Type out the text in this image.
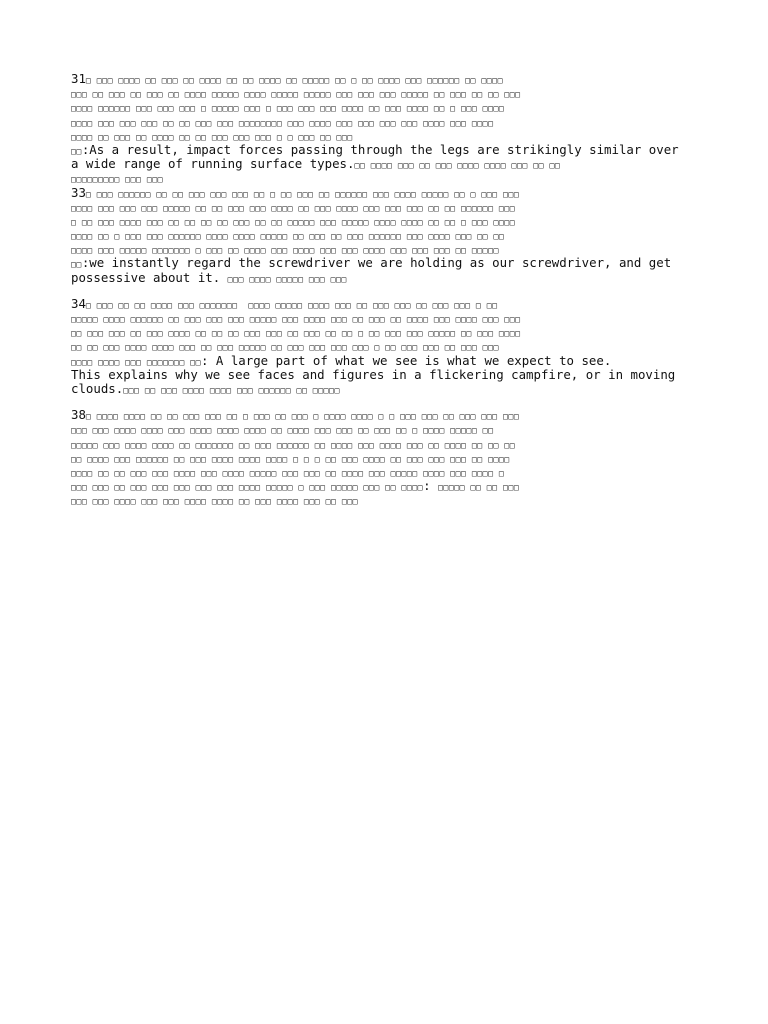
31□ □□□ □□□□ □□ □□□ □□ □□□□ □□ □□ □□□□ □□ □□□□□ □□ □ □□ □□□□ □□□ □□□□□□ □□ □□□□
□□□ □□ □□□ □□ □□□ □□ □□□□ □□□□□ □□□□ □□□□□ □□□□□ □□□ □□□ □□□ □□□□□ □□ □□□ □□ □□ □□□
□□□□ □□□□□□ □□□ □□□ □□□ □ □□□□□ □□□ □ □□□ □□□ □□□ □□□□ □□ □□□ □□□□ □□ □ □□□ □□□□
□□□□ □□□ □□□ □□□ □□ □□ □□□ □□□ □□□□□□□□ □□□ □□□□ □□□ □□□ □□□ □□□ □□□□ □□□ □□□□
□□□□ □□ □□□ □□ □□□□ □□ □□ □□□ □□□ □□□ □ □ □□□ □□ □□□
□□:As a result, impact forces passing through the legs are strikingly similar over
a wide range of running surface types.□□ □□□□ □□□ □□ □□□ □□□□ □□□□ □□□ □□ □□
□□□□□□□□□ □□□ □□□
33□ □□□ □□□□□□ □□ □□ □□□ □□□ □□□ □□ □ □□ □□□ □□ □□□□□□ □□□ □□□□ □□□□□ □□ □ □□□ □□□
□□□□ □□□ □□□ □□□ □□□□□ □□ □□ □□□ □□□ □□□□ □□ □□□ □□□□ □□□ □□□ □□□ □□ □□ □□□□□□ □□□
□ □□ □□□ □□□□ □□□ □□ □□ □□ □□ □□□ □□ □□ □□□□□ □□□ □□□□□ □□□□ □□□□ □□ □□ □ □□□ □□□□
□□□□ □□ □ □□□ □□□ □□□□□□ □□□□ □□□□ □□□□□ □□ □□□ □□ □□□ □□□□□□ □□□ □□□□ □□□ □□ □□
□□□□ □□□ □□□□□ □□□□□□□ □ □□□ □□ □□□□ □□□ □□□□ □□□ □□□ □□□□ □□□ □□□ □□□ □□ □□□□□
□□:we instantly regard the screwdriver we are holding as our screwdriver, and get
possessive about it. □□□ □□□□ □□□□□ □□□ □□□
34□ □□□ □□ □□ □□□□ □□□ □□□□□□□  □□□□ □□□□□ □□□□ □□□ □□ □□□ □□□ □□ □□□ □□□ □ □□
□□□□□ □□□□ □□□□□□ □□ □□□ □□□ □□□ □□□□□ □□□ □□□□ □□□ □□ □□□ □□ □□□□ □□□ □□□□ □□□ □□□
□□ □□□ □□□ □□ □□□ □□□□ □□ □□ □□ □□□ □□□ □□ □□□ □□ □□ □ □□ □□□ □□□ □□□□□ □□ □□□ □□□□
□□ □□ □□□ □□□□ □□□□ □□□ □□ □□□ □□□□□ □□ □□□ □□□ □□□ □□□ □ □□ □□□ □□□ □□ □□□ □□□
□□□□ □□□□ □□□ □□□□□□□ □□: A large part of what we see is what we expect to see.
This explains why we see faces and figures in a flickering campfire, or in moving
clouds.□□□ □□ □□□ □□□□ □□□□ □□□ □□□□□□ □□ □□□□□
38□ □□□□ □□□□ □□ □□ □□□ □□□ □□ □ □□□ □□ □□□ □ □□□□ □□□□ □ □ □□□ □□□ □□ □□□ □□□ □□□
□□□ □□□ □□□□ □□□□ □□□ □□□□ □□□□ □□□□ □□ □□□□ □□□ □□□ □□ □□□ □□ □ □□□□ □□□□□ □□
□□□□□ □□□ □□□□ □□□□ □□ □□□□□□□ □□ □□□ □□□□□□ □□ □□□□ □□□ □□□□ □□□ □□ □□□□ □□ □□ □□
□□ □□□□ □□□ □□□□□□ □□ □□□ □□□□ □□□□ □□□□ □ □ □ □□ □□□ □□□□ □□ □□□ □□□ □□□ □□ □□□□
□□□□ □□ □□ □□□ □□□ □□□□ □□□ □□□□ □□□□□ □□□ □□□ □□ □□□□ □□□ □□□□□ □□□□ □□□ □□□□ □
□□□ □□□ □□ □□□ □□□ □□□ □□□ □□□ □□□□ □□□□□ □ □□□ □□□□□ □□□ □□ □□□□: □□□□□ □□ □□ □□□
□□□ □□□ □□□□ □□□ □□□ □□□□ □□□□ □□ □□□ □□□□ □□□ □□ □□□
